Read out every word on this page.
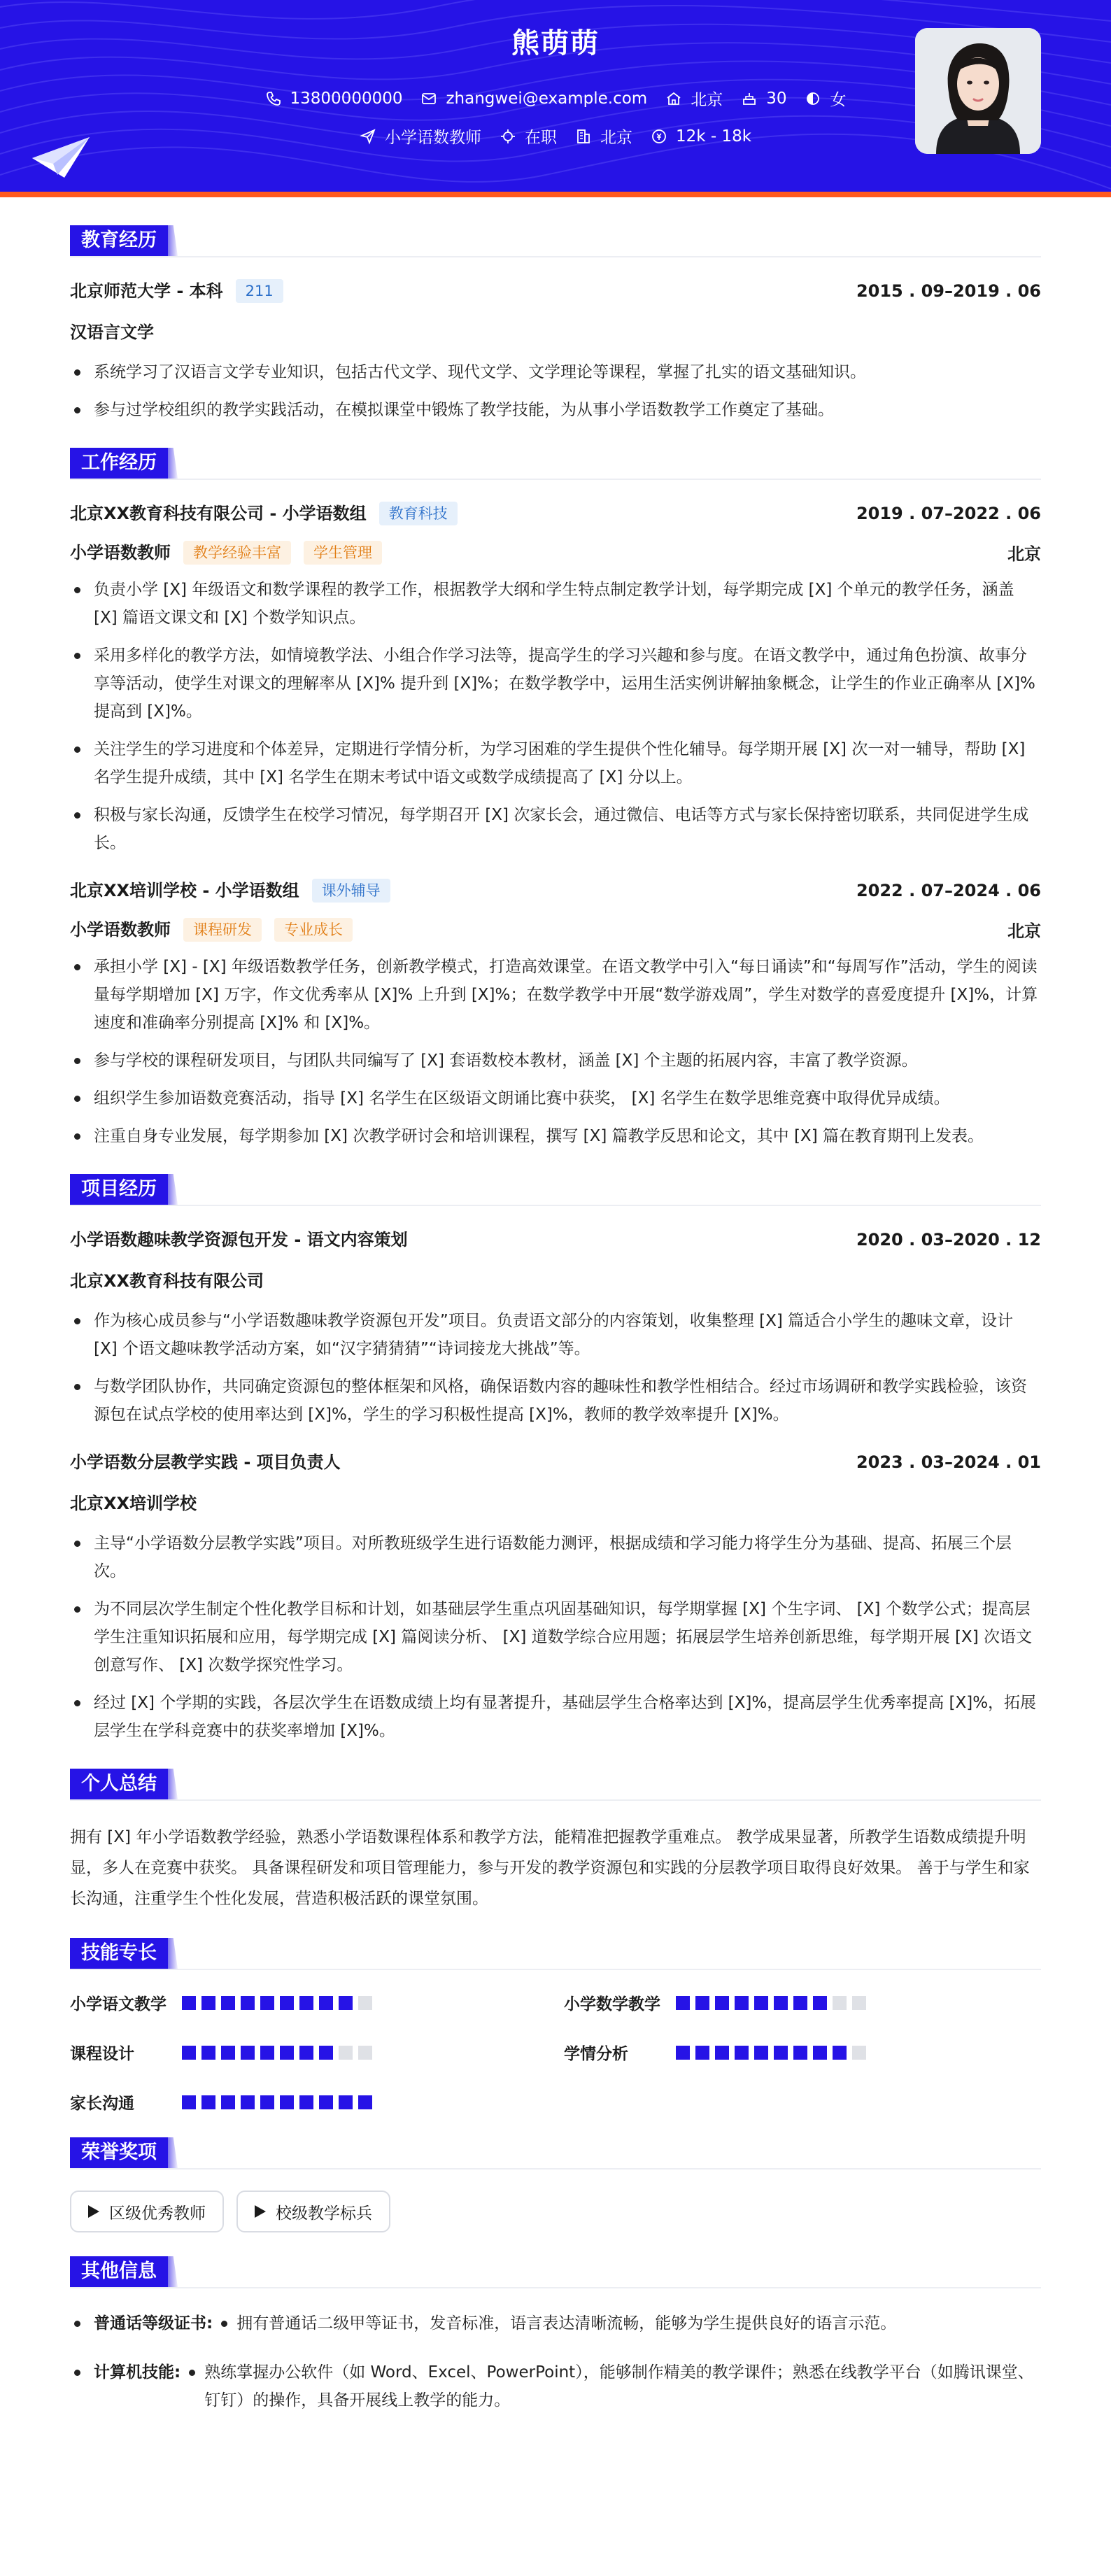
熊萌萌
13800000000	zhangwei@example.com	北京	30	女
小学语数教师	在职	北京	12k - 18k
教育经历
北京师范大学 - 本科	211	2015 . 09–2019 . 06
汉语言文学
系统学习了汉语言文学专业知识，包括古代文学、现代文学、文学理论等课程，掌握了扎实的语文基础知识。
参与过学校组织的教学实践活动，在模拟课堂中锻炼了教学技能，为从事小学语数教学工作奠定了基础。
工作经历
北京XX教育科技有限公司 - 小学语数组	教育科技	2019 . 07–2022 . 06
小学语数教师	教学经验丰富	学生管理	北京
负责小学 [X] 年级语文和数学课程的教学工作，根据教学大纲和学生特点制定教学计划，每学期完成 [X] 个单元的教学任务，涵盖 [X] 篇语文课文和 [X] 个数学知识点。
采用多样化的教学方法，如情境教学法、小组合作学习法等，提高学生的学习兴趣和参与度。在语文教学中，通过角色扮演、故事分享等活动，使学生对课文的理解率从 [X]% 提升到 [X]%；在数学教学中，运用生活实例讲解抽象概念，让学生的作业正确率从 [X]% 提高到 [X]%。
关注学生的学习进度和个体差异，定期进行学情分析，为学习困难的学生提供个性化辅导。每学期开展 [X] 次一对一辅导，帮助 [X] 名学生提升成绩，其中 [X] 名学生在期末考试中语文或数学成绩提高了 [X] 分以上。
积极与家长沟通，反馈学生在校学习情况，每学期召开 [X] 次家长会，通过微信、电话等方式与家长保持密切联系，共同促进学生成长。
北京XX培训学校 - 小学语数组	课外辅导	2022 . 07–2024 . 06
小学语数教师	课程研发	专业成长	北京
承担小学 [X] - [X] 年级语数教学任务，创新教学模式，打造高效课堂。在语文教学中引入“每日诵读”和“每周写作”活动，学生的阅读量每学期增加 [X] 万字，作文优秀率从 [X]% 上升到 [X]%；在数学教学中开展“数学游戏周”，学生对数学的喜爱度提升 [X]%，计算速度和准确率分别提高 [X]% 和 [X]%。
参与学校的课程研发项目，与团队共同编写了 [X] 套语数校本教材，涵盖 [X] 个主题的拓展内容，丰富了教学资源。
组织学生参加语数竞赛活动，指导 [X] 名学生在区级语文朗诵比赛中获奖， [X] 名学生在数学思维竞赛中取得优异成绩。
注重自身专业发展，每学期参加 [X] 次教学研讨会和培训课程，撰写 [X] 篇教学反思和论文，其中 [X] 篇在教育期刊上发表。
项目经历
小学语数趣味教学资源包开发 - 语文内容策划	2020 . 03–2020 . 12
北京XX教育科技有限公司
作为核心成员参与“小学语数趣味教学资源包开发”项目。负责语文部分的内容策划，收集整理 [X] 篇适合小学生的趣味文章，设计 [X] 个语文趣味教学活动方案，如“汉字猜猜猜”“诗词接龙大挑战”等。
与数学团队协作，共同确定资源包的整体框架和风格，确保语数内容的趣味性和教学性相结合。经过市场调研和教学实践检验，该资源包在试点学校的使用率达到 [X]%，学生的学习积极性提高 [X]%，教师的教学效率提升 [X]%。
小学语数分层教学实践 - 项目负责人	2023 . 03–2024 . 01
北京XX培训学校
主导“小学语数分层教学实践”项目。对所教班级学生进行语数能力测评，根据成绩和学习能力将学生分为基础、提高、拓展三个层次。
为不同层次学生制定个性化教学目标和计划，如基础层学生重点巩固基础知识，每学期掌握 [X] 个生字词、 [X] 个数学公式；提高层学生注重知识拓展和应用，每学期完成 [X] 篇阅读分析、 [X] 道数学综合应用题；拓展层学生培养创新思维，每学期开展 [X] 次语文创意写作、 [X] 次数学探究性学习。
经过 [X] 个学期的实践，各层次学生在语数成绩上均有显著提升，基础层学生合格率达到 [X]%，提高层学生优秀率提高 [X]%，拓展层学生在学科竞赛中的获奖率增加 [X]%。
个人总结
拥有 [X] 年小学语数教学经验，熟悉小学语数课程体系和教学方法，能精准把握教学重难点。 教学成果显著，所教学生语数成绩提升明显，多人在竞赛中获奖。 具备课程研发和项目管理能力，参与开发的教学资源包和实践的分层教学项目取得良好效果。 善于与学生和家长沟通，注重学生个性化发展，营造积极活跃的课堂氛围。
技能专长
小学语文教学	小学数学教学
课程设计	学情分析
家长沟通
荣誉奖项
区级优秀教师	校级教学标兵
其他信息
普通话等级证书:	拥有普通话二级甲等证书，发音标准，语言表达清晰流畅，能够为学生提供良好的语言示范。
计算机技能:	熟练掌握办公软件（如 Word、Excel、PowerPoint），能够制作精美的教学课件；熟悉在线教学平台（如腾讯课堂、钉钉）的操作，具备开展线上教学的能力。
